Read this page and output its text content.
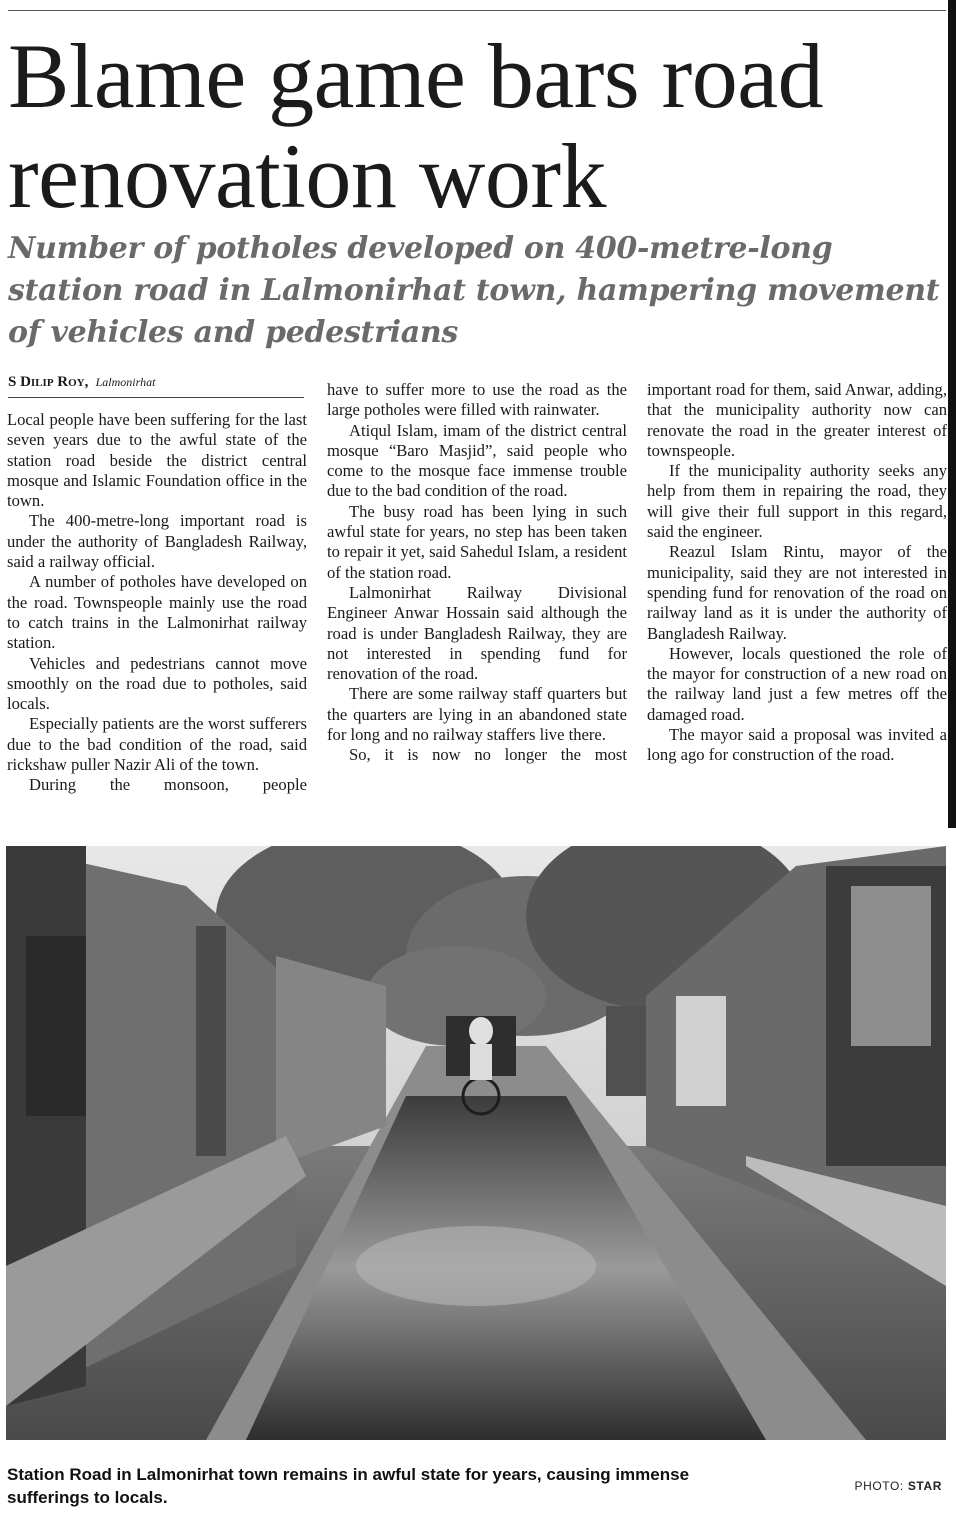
Blame game bars road renovation work
Number of potholes developed on 400-metre-long station road in Lalmonirhat town, hampering movement of vehicles and pedestrians
S Dilip Roy, Lalmonirhat

Local people have been suffering for the last seven years due to the awful state of the station road beside the district central mosque and Islamic Foundation office in the town.

The 400-metre-long important road is under the authority of Bangladesh Railway, said a railway official.

A number of potholes have developed on the road. Townspeople mainly use the road to catch trains in the Lalmonirhat railway station.

Vehicles and pedestrians cannot move smoothly on the road due to potholes, said locals.

Especially patients are the worst sufferers due to the bad condition of the road, said rickshaw puller Nazir Ali of the town.

During the monsoon, people

have to suffer more to use the road as the large potholes were filled with rainwater.

Atiqul Islam, imam of the district central mosque “Baro Masjid”, said people who come to the mosque face immense trouble due to the bad condition of the road.

The busy road has been lying in such awful state for years, no step has been taken to repair it yet, said Sahedul Islam, a resident of the station road.

Lalmonirhat Railway Divisional Engineer Anwar Hossain said although the road is under Bangladesh Railway, they are not interested in spending fund for renovation of the road.

There are some railway staff quarters but the quarters are lying in an abandoned state for long and no railway staffers live there.

So, it is now no longer the most

important road for them, said Anwar, adding, that the municipality authority now can renovate the road in the greater interest of townspeople.

If the municipality authority seeks any help from them in repairing the road, they will give their full support in this regard, said the engineer.

Reazul Islam Rintu, mayor of the municipality, said they are not interested in spending fund for renovation of the road on railway land as it is under the authority of Bangladesh Railway.

However, locals questioned the role of the mayor for construction of a new road on the railway land just a few metres off the damaged road.

The mayor said a proposal was invited a long ago for construction of the road.

Station Road in Lalmonirhat town remains in awful state for years, causing immense sufferings to locals.

PHOTO: STAR
